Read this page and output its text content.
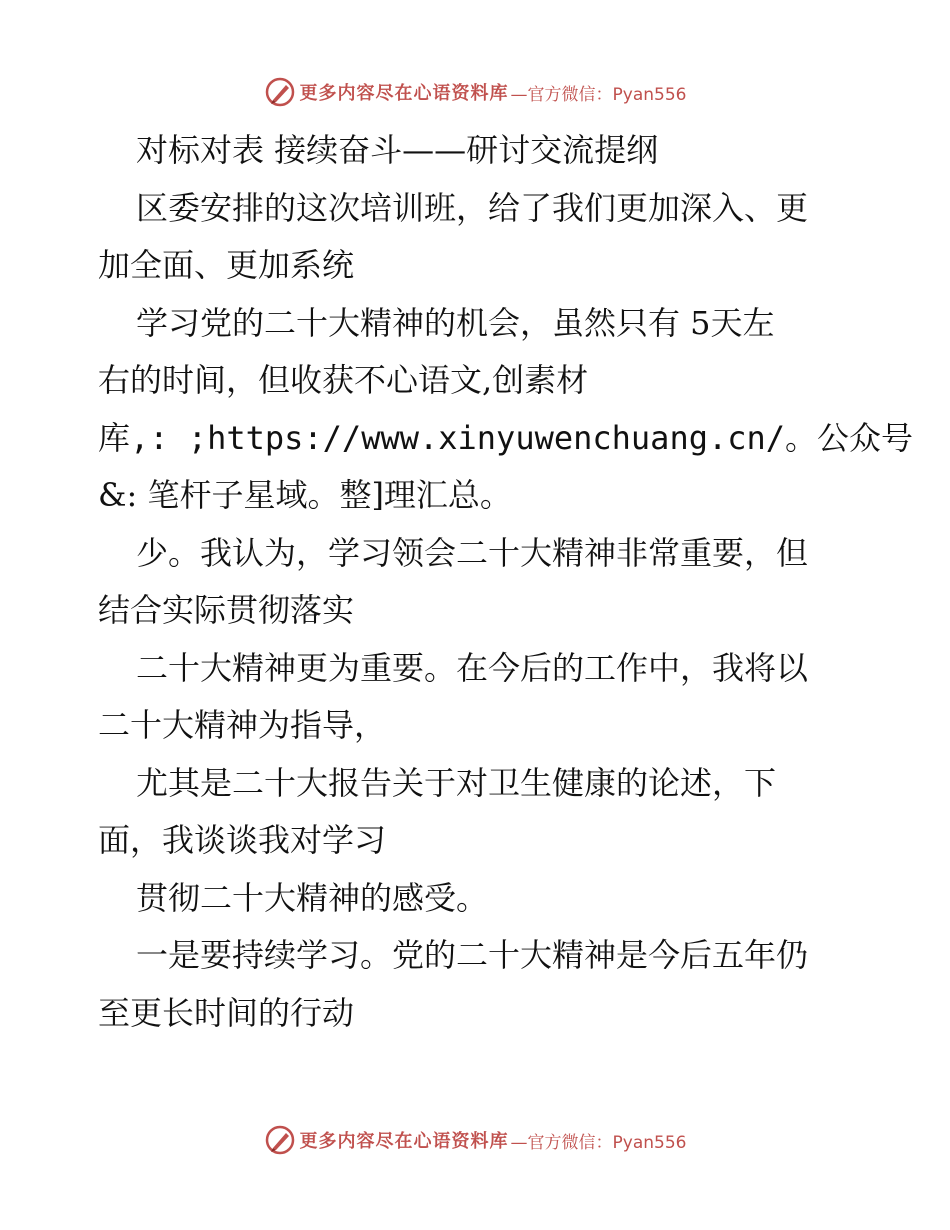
更多内容尽在心语资料库 —官方微信：Pyan556
对标对表 接续奋斗——研讨交流提纲
区委安排的这次培训班，给了我们更加深入、更
加全面、更加系统
学习党的二十大精神的机会，虽然只有 5天左
右的时间，但收获不心语文,创素材
库,: ;https://www.xinyuwenchuang.cn/。公众号
&: 笔杆子星域。整]理汇总。
少。我认为，学习领会二十大精神非常重要，但
结合实际贯彻落实
二十大精神更为重要。在今后的工作中，我将以
二十大精神为指导，
尤其是二十大报告关于对卫生健康的论述，下
面，我谈谈我对学习
贯彻二十大精神的感受。
一是要持续学习。党的二十大精神是今后五年仍
至更长时间的行动
更多内容尽在心语资料库 —官方微信：Pyan556
